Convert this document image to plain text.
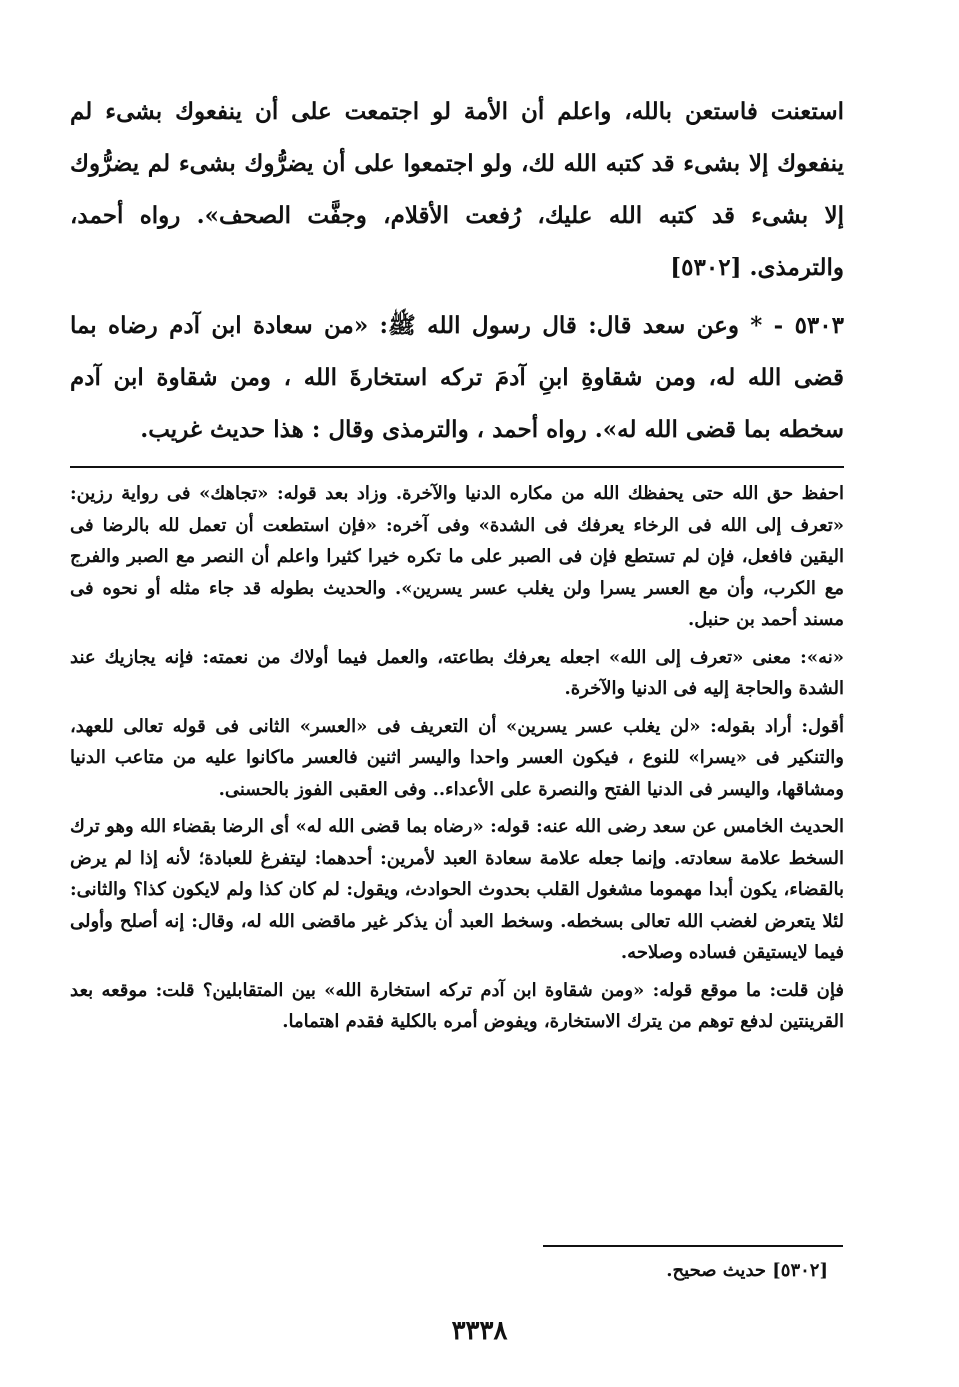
استعنت فاستعن بالله، واعلم أن الأمة لو اجتمعت على أن ينفعوك بشىء لم ينفعوك إلا بشىء قد كتبه الله لك، ولو اجتمعوا على أن يضرُّوك بشىء لم يضرُّوك إلا بشىء قد كتبه الله عليك، رُفعت الأقلام، وجفَّت الصحف». رواه أحمد، والترمذى. [٥٣٠٢]

٥٣٠٣ - * وعن سعد قال: قال رسول الله ﷺ: «من سعادة ابن آدم رضاه بما قضى الله له، ومن شقاوةِ ابنِ آدمَ تركه استخارةَ الله ، ومن شقاوة ابن آدم سخطه بما قضى الله له». رواه أحمد ، والترمذى وقال : هذا حديث غريب.

احفظ حق الله حتى يحفظك الله من مكاره الدنيا والآخرة. وزاد بعد قوله: «تجاهك» فى رواية رزين: «تعرف إلى الله فى الرخاء يعرفك فى الشدة» وفى آخره: «فإن استطعت أن تعمل لله بالرضا فى اليقين فافعل، فإن لم تستطع فإن فى الصبر على ما تكره خيرا كثيرا واعلم أن النصر مع الصبر والفرج مع الكرب، وأن مع العسر يسرا ولن يغلب عسر يسرين». والحديث بطوله قد جاء مثله أو نحوه فى مسند أحمد بن حنبل.

«نه»: معنى «تعرف إلى الله» اجعله يعرفك بطاعته، والعمل فيما أولاك من نعمته: فإنه يجازيك عند الشدة والحاجة إليه فى الدنيا والآخرة.

أقول: أراد بقوله: «لن يغلب عسر يسرين» أن التعريف فى «العسر» الثانى فى قوله تعالى للعهد، والتنكير فى «يسرا» للنوع ، فيكون العسر واحدا واليسر اثنين فالعسر ماكانوا عليه من متاعب الدنيا ومشاقها، واليسر فى الدنيا الفتح والنصرة على الأعداء.. وفى العقبى الفوز بالحسنى.

الحديث الخامس عن سعد رضى الله عنه: قوله: «رضاه بما قضى الله له» أى الرضا بقضاء الله وهو ترك السخط علامة سعادته. وإنما جعله علامة سعادة العبد لأمرين: أحدهما: ليتفرغ للعبادة؛ لأنه إذا لم يرض بالقضاء، يكون أبدا مهموما مشغول القلب بحدوث الحوادث، ويقول: لم كان كذا ولم لايكون كذا؟ والثانى: لئلا يتعرض لغضب الله تعالى بسخطه. وسخط العبد أن يذكر غير ماقضى الله له، وقال: إنه أصلح وأولى فيما لايستيقن فساده وصلاحه.

فإن قلت: ما موقع قوله: «ومن شقاوة ابن آدم تركه استخارة الله» بين المتقابلين؟ قلت: موقعه بعد القرينتين لدفع توهم من يترك الاستخارة، ويفوض أمره بالكلية فقدم اهتماما.

[٥٣٠٢] حديث صحيح.
٣٣٣٨
